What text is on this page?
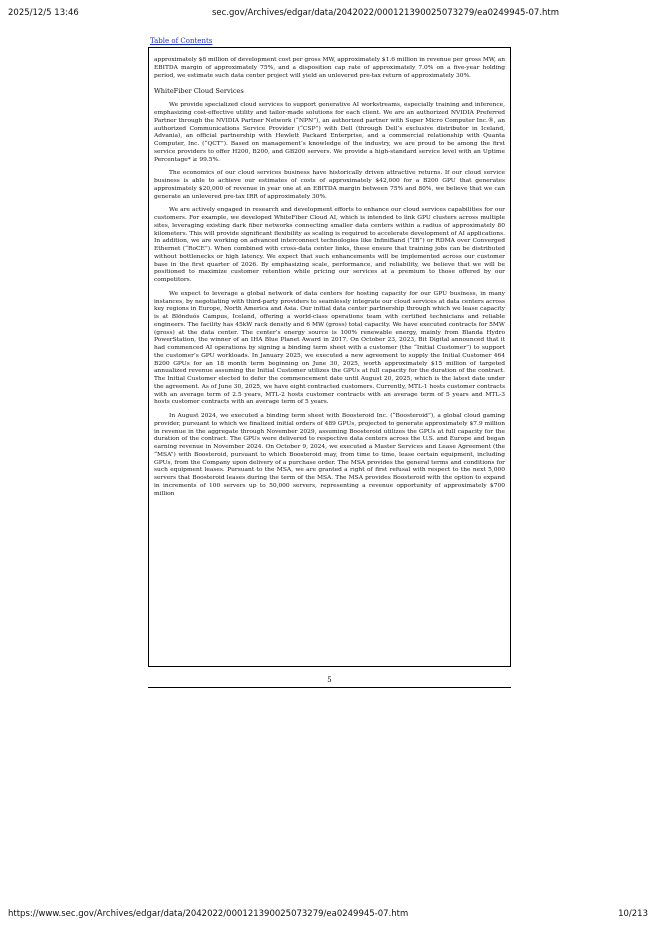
2025/12/5 13:46	sec.gov/Archives/edgar/data/2042022/000121390025073279/ea0249945-07.htm
Table of Contents

approximately $8 million of development cost per gross MW, approximately $1.6 million in revenue per gross MW, an EBITDA margin of approximately 75%, and a disposition cap rate of approximately 7.0% on a five-year holding period, we estimate such data center project will yield an unlevered pre-tax return of approximately 30%.

WhiteFiber Cloud Services

We provide specialized cloud services to support generative AI workstreams, especially training and inference, emphasizing cost-effective utility and tailor-made solutions for each client. We are an authorized NVIDIA Preferred Partner through the NVIDIA Partner Network (“NPN”), an authorized partner with Super Micro Computer Inc.®, an authorized Communications Service Provider (“CSP”) with Dell (through Dell’s exclusive distributor in Iceland, Advania), an official partnership with Hewlett Packard Enterprise, and a commercial relationship with Quanta Computer, Inc. (“QCT”). Based on management’s knowledge of the industry, we are proud to be among the first service providers to offer H200, B200, and GB200 servers. We provide a high-standard service level with an Uptime Percentage* ≥ 99.5%.

The economics of our cloud services business have historically driven attractive returns. If our cloud service business is able to achieve our estimates of costs of approximately $42,000 for a B200 GPU that generates approximately $20,000 of revenue in year one at an EBITDA margin between 75% and 80%, we believe that we can generate an unlevered pre-tax IRR of approximately 30%.

We are actively engaged in research and development efforts to enhance our cloud services capabilities for our customers. For example, we developed WhiteFiber Cloud AI, which is intended to link GPU clusters across multiple sites, leveraging existing dark fiber networks connecting smaller data centers within a radius of approximately 80 kilometers. This will provide significant flexibility as scaling is required to accelerate development of AI applications. In addition, we are working on advanced interconnect technologies like InfiniBand (“IB”) or RDMA over Converged Ethernet (“RoCE”). When combined with cross-data center links, these ensure that training jobs can be distributed without bottlenecks or high latency. We expect that such enhancements will be implemented across our customer base in the first quarter of 2026. By emphasizing scale, performance, and reliability, we believe that we will be positioned to maximize customer retention while pricing our services at a premium to those offered by our competitors.

We expect to leverage a global network of data centers for hosting capacity for our GPU business, in many instances, by negotiating with third-party providers to seamlessly integrate our cloud services at data centers across key regions in Europe, North America and Asia. Our initial data center partnership through which we lease capacity is at Blönduós Campus, Iceland, offering a world-class operations team with certified technicians and reliable engineers. The facility has 45kW rack density and 6 MW (gross) total capacity. We have executed contracts for 5MW (gross) at the data center. The center’s energy source is 100% renewable energy, mainly from Blanda Hydro PowerStation, the winner of an IHA Blue Planet Award in 2017. On October 23, 2023, Bit Digital announced that it had commenced AI operations by signing a binding term sheet with a customer (the “Initial Customer”) to support the customer’s GPU workloads. In January 2025, we executed a new agreement to supply the Initial Customer 464 B200 GPUs for an 18 month term beginning on June 30, 2025, worth approximately $15 million of targeted annualized revenue assuming the Initial Customer utilizes the GPUs at full capacity for the duration of the contract. The Initial Customer elected to defer the commencement date until August 20, 2025, which is the latest date under the agreement. As of June 30, 2025, we have eight contracted customers. Currently, MTL-1 hosts customer contracts with an average term of 2.5 years, MTL-2 hosts customer contracts with an average term of 5 years and MTL-3 hosts customer contracts with an average term of 5 years.

In August 2024, we executed a binding term sheet with Boosteroid Inc. (“Boosteroid”), a global cloud gaming provider, pursuant to which we finalized initial orders of 489 GPUs, projected to generate approximately $7.9 million in revenue in the aggregate through November 2029, assuming Boosteroid utilizes the GPUs at full capacity for the duration of the contract. The GPUs were delivered to respective data centers across the U.S. and Europe and began earning revenue in November 2024. On October 9, 2024, we executed a Master Services and Lease Agreement (the “MSA”) with Boosteroid, pursuant to which Boosteroid may, from time to time, lease certain equipment, including GPUs, from the Company upon delivery of a purchase order. The MSA provides the general terms and conditions for such equipment leases. Pursuant to the MSA, we are granted a right of first refusal with respect to the next 5,000 servers that Boosteroid leases during the term of the MSA. The MSA provides Boosteroid with the option to expand in increments of 100 servers up to 50,000 servers, representing a revenue opportunity of approximately $700 million

5
https://www.sec.gov/Archives/edgar/data/2042022/000121390025073279/ea0249945-07.htm	10/213
